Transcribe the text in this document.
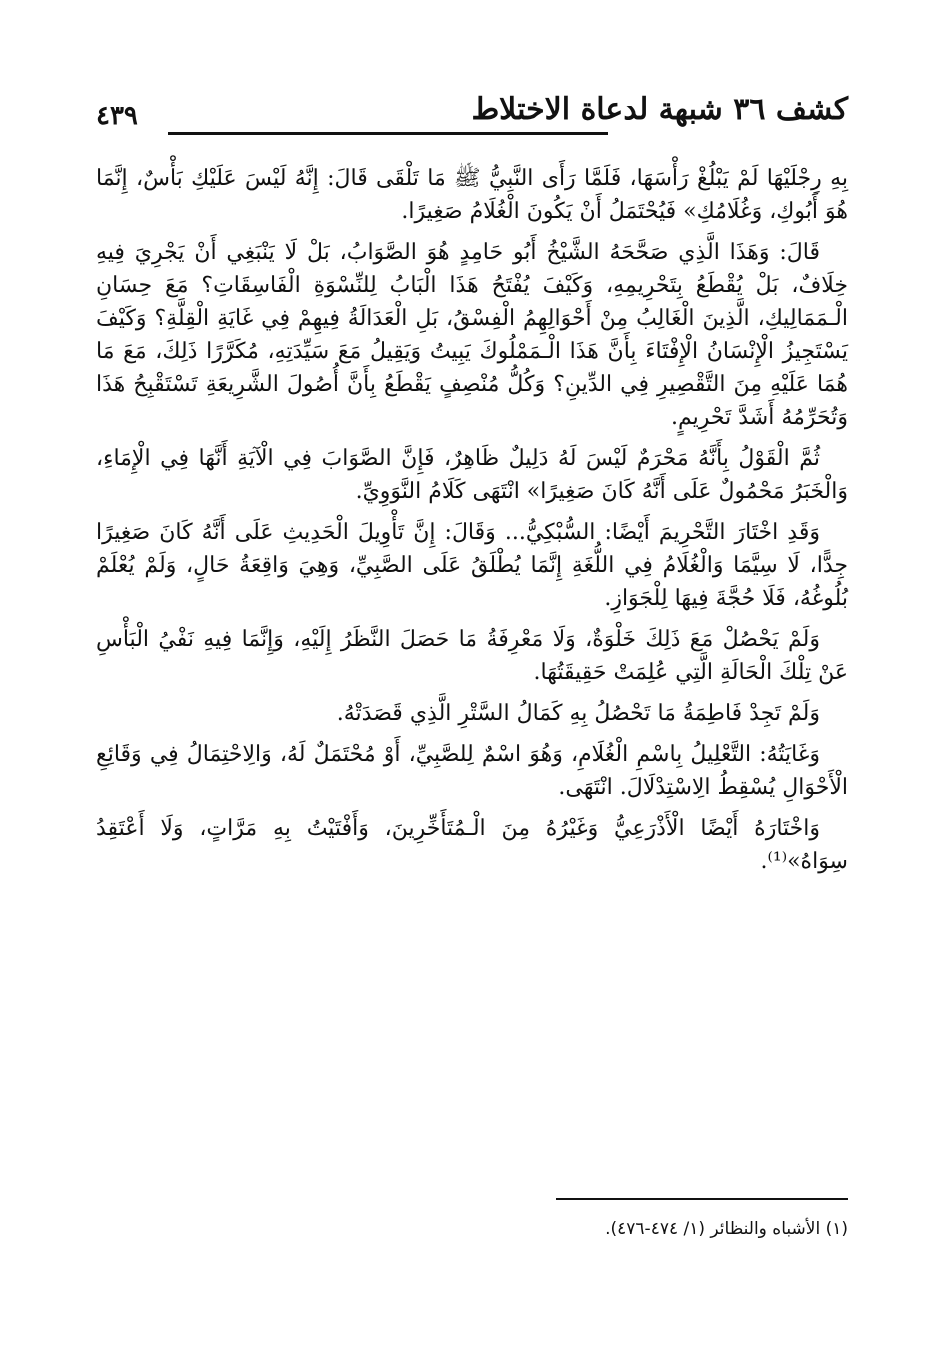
كشف ٣٦ شبهة لدعاة الاختلاط
٤٣٩

بِهِ رِجْلَيْهَا لَمْ يَبْلُغْ رَأْسَهَا، فَلَمَّا رَأَى النَّبِيُّ ﷺ مَا تَلْقَى قَالَ: إِنَّهُ لَيْسَ عَلَيْكِ بَأْسٌ، إِنَّمَا هُوَ أَبُوكِ، وَغُلَامُكِ» فَيُحْتَمَلُ أَنْ يَكُونَ الْغُلَامُ صَغِيرًا.

قَالَ: وَهَذَا الَّذِي صَحَّحَهُ الشَّيْخُ أَبُو حَامِدٍ هُوَ الصَّوَابُ، بَلْ لَا يَنْبَغِي أَنْ يَجْرِيَ فِيهِ خِلَافٌ، بَلْ يُقْطَعُ بِتَحْرِيمِهِ، وَكَيْفَ يُفْتَحُ هَذَا الْبَابُ لِلنِّسْوَةِ الْفَاسِقَاتِ؟ مَعَ حِسَانِ الْـمَمَالِيكِ، الَّذِينَ الْغَالِبُ مِنْ أَحْوَالِهِمُ الْفِسْقُ، بَلِ الْعَدَالَةُ فِيهِمْ فِي غَايَةِ الْقِلَّةِ؟ وَكَيْفَ يَسْتَجِيزُ الْإِنْسَانُ الْإِفْتَاءَ بِأَنَّ هَذَا الْـمَمْلُوكَ يَبِيتُ وَيَقِيلُ مَعَ سَيِّدَتِهِ، مُكَرَّرًا ذَلِكَ، مَعَ مَا هُمَا عَلَيْهِ مِنَ التَّقْصِيرِ فِي الدِّينِ؟ وَكُلُّ مُنْصِفٍ يَقْطَعُ بِأَنَّ أُصُولَ الشَّرِيعَةِ تَسْتَقْبِحُ هَذَا وَتُحَرِّمُهُ أَشَدَّ تَحْرِيمٍ.

ثُمَّ الْقَوْلُ بِأَنَّهُ مَحْرَمٌ لَيْسَ لَهُ دَلِيلٌ ظَاهِرٌ، فَإِنَّ الصَّوَابَ فِي الْآيَةِ أَنَّهَا فِي الْإِمَاءِ، وَالْخَبَرُ مَحْمُولٌ عَلَى أَنَّهُ كَانَ صَغِيرًا» انْتَهَى كَلَامُ النَّوَوِيِّ.

وَقَدِ اخْتَارَ التَّحْرِيمَ أَيْضًا: السُّبْكِيُّ... وَقَالَ: إِنَّ تَأْوِيلَ الْحَدِيثِ عَلَى أَنَّهُ كَانَ صَغِيرًا جِدًّا، لَا سِيَّمَا وَالْغُلَامُ فِي اللُّغَةِ إِنَّمَا يُطْلَقُ عَلَى الصَّبِيِّ، وَهِيَ وَاقِعَةُ حَالٍ، وَلَمْ يُعْلَمْ بُلُوغُهُ، فَلَا حُجَّةَ فِيهَا لِلْجَوَازِ.

وَلَمْ يَحْصُلْ مَعَ ذَلِكَ خَلْوَةٌ، وَلَا مَعْرِفَةُ مَا حَصَلَ النَّظَرُ إِلَيْهِ، وَإِنَّمَا فِيهِ نَفْيُ الْبَأْسِ عَنْ تِلْكَ الْحَالَةِ الَّتِي عُلِمَتْ حَقِيقَتُهَا.

وَلَمْ تَجِدْ فَاطِمَةُ مَا تَحْصُلُ بِهِ كَمَالُ السَّتْرِ الَّذِي قَصَدَتْهُ.

وَغَايَتُهُ: التَّعْلِيلُ بِاسْمِ الْغُلَامِ، وَهُوَ اسْمٌ لِلصَّبِيِّ، أَوْ مُحْتَمَلٌ لَهُ، وَالِاحْتِمَالُ فِي وَقَائِعِ الْأَحْوَالِ يُسْقِطُ الِاسْتِدْلَالَ. انْتَهَى.

وَاخْتَارَهُ أَيْضًا الْأَذْرَعِيُّ وَغَيْرُهُ مِنَ الْـمُتَأَخِّرِينَ، وَأَفْتَيْتُ بِهِ مَرَّاتٍ، وَلَا أَعْتَقِدُ سِوَاهُ»⁽¹⁾.

(١) الأشباه والنظائر (١/ ٤٧٤-٤٧٦).
